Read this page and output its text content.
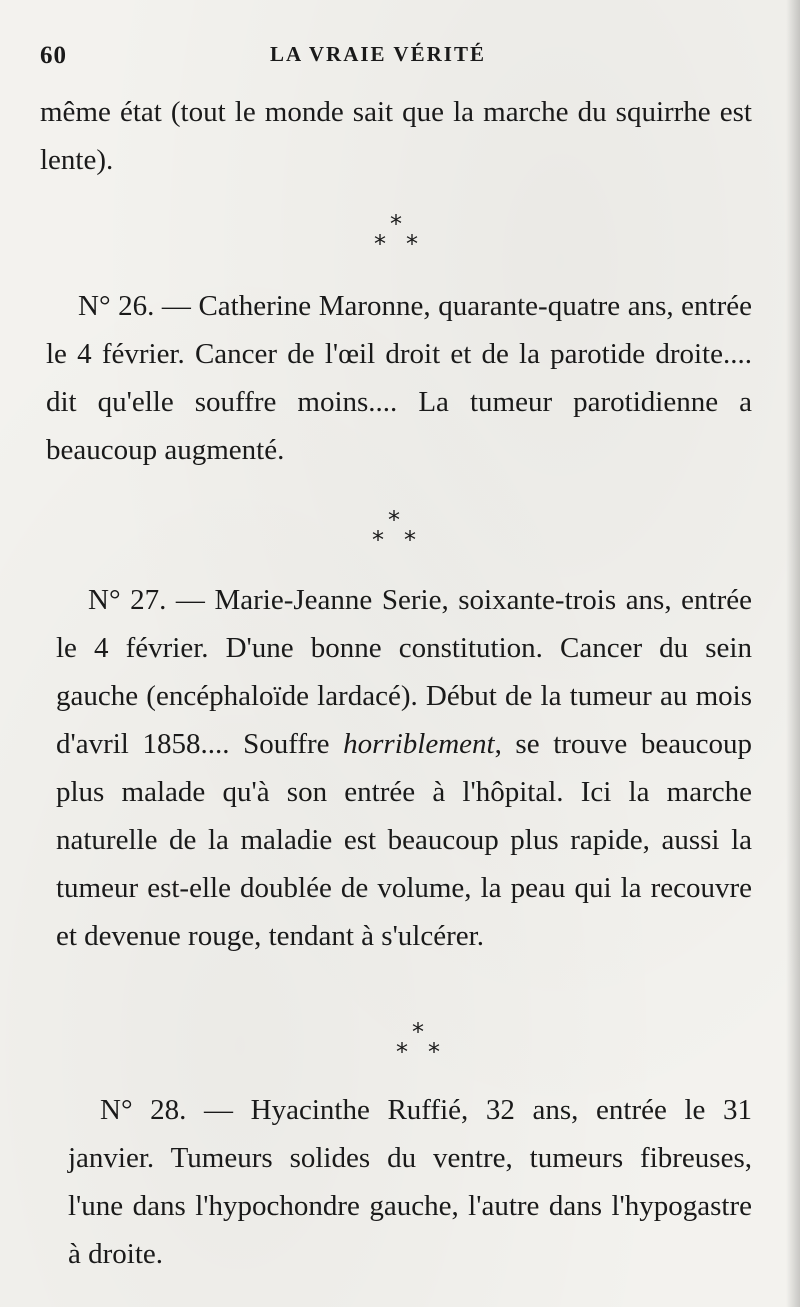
60	LA VRAIE VÉRITÉ

même état (tout le monde sait que la marche du squirrhe est lente).

*
* *

N° 26. — Catherine Maronne, quarante-quatre ans, entrée le 4 février. Cancer de l'œil droit et de la parotide droite.... dit qu'elle souffre moins.... La tumeur parotidienne a beaucoup augmenté.

*
* *

N° 27. — Marie-Jeanne Serie, soixante-trois ans, entrée le 4 février. D'une bonne constitution. Cancer du sein gauche (encéphaloïde lardacé). Début de la tumeur au mois d'avril 1858.... Souffre horriblement, se trouve beaucoup plus malade qu'à son entrée à l'hôpital. Ici la marche naturelle de la maladie est beaucoup plus rapide, aussi la tumeur est-elle doublée de volume, la peau qui la recouvre et devenue rouge, tendant à s'ulcérer.

*
* *

N° 28. — Hyacinthe Ruffié, 32 ans, entrée le 31 janvier. Tumeurs solides du ventre, tumeurs fibreuses, l'une dans l'hypochondre gauche, l'autre dans l'hypogastre à droite.
